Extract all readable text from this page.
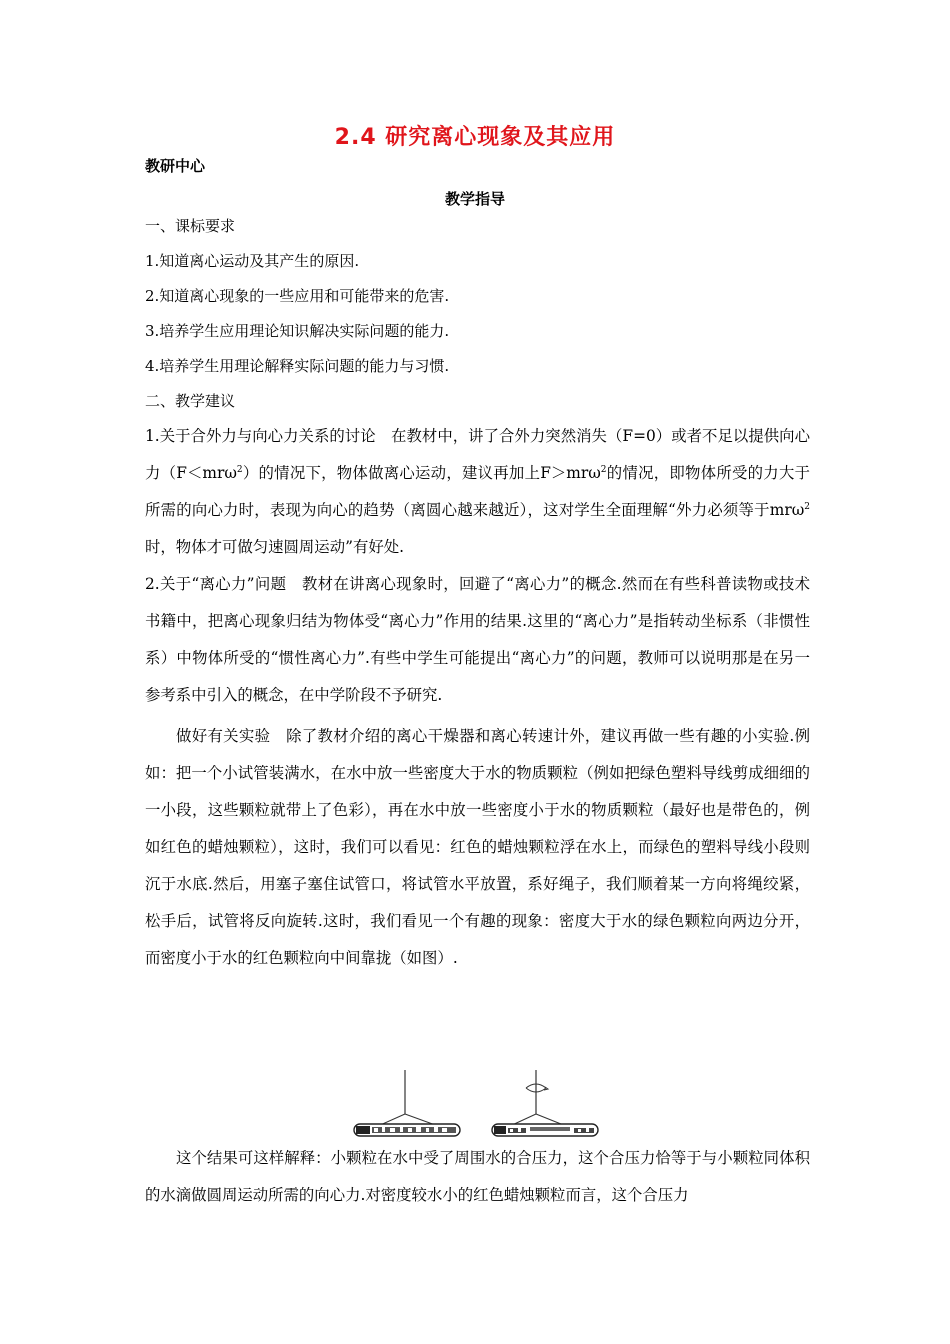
2.4 研究离心现象及其应用
教研中心
教学指导
一、课标要求
1.知道离心运动及其产生的原因.
2.知道离心现象的一些应用和可能带来的危害.
3.培养学生应用理论知识解决实际问题的能力.
4.培养学生用理论解释实际问题的能力与习惯.
二、教学建议
1.关于合外力与向心力关系的讨论　在教材中，讲了合外力突然消失（F=0）或者不足以提供向心力（F＜mrω$^2$）的情况下，物体做离心运动，建议再加上F＞mrω$^2$的情况，即物体所受的力大于所需的向心力时，表现为向心的趋势（离圆心越来越近），这对学生全面理解“外力必须等于mrω$^2$时，物体才可做匀速圆周运动”有好处.
2.关于“离心力”问题　教材在讲离心现象时，回避了“离心力”的概念.然而在有些科普读物或技术书籍中，把离心现象归结为物体受“离心力”作用的结果.这里的“离心力”是指转动坐标系（非惯性系）中物体所受的“惯性离心力”.有些中学生可能提出“离心力”的问题，教师可以说明那是在另一参考系中引入的概念，在中学阶段不予研究.
做好有关实验　除了教材介绍的离心干燥器和离心转速计外，建议再做一些有趣的小实验.例如：把一个小试管装满水，在水中放一些密度大于水的物质颗粒（例如把绿色塑料导线剪成细细的一小段，这些颗粒就带上了色彩），再在水中放一些密度小于水的物质颗粒（最好也是带色的，例如红色的蜡烛颗粒），这时，我们可以看见：红色的蜡烛颗粒浮在水上，而绿色的塑料导线小段则沉于水底.然后，用塞子塞住试管口，将试管水平放置，系好绳子，我们顺着某一方向将绳绞紧，松手后，试管将反向旋转.这时，我们看见一个有趣的现象：密度大于水的绿色颗粒向两边分开，而密度小于水的红色颗粒向中间靠拢（如图）.
这个结果可这样解释：小颗粒在水中受了周围水的合压力，这个合压力恰等于与小颗粒同体积的水滴做圆周运动所需的向心力.对密度较水小的红色蜡烛颗粒而言，这个合压力
